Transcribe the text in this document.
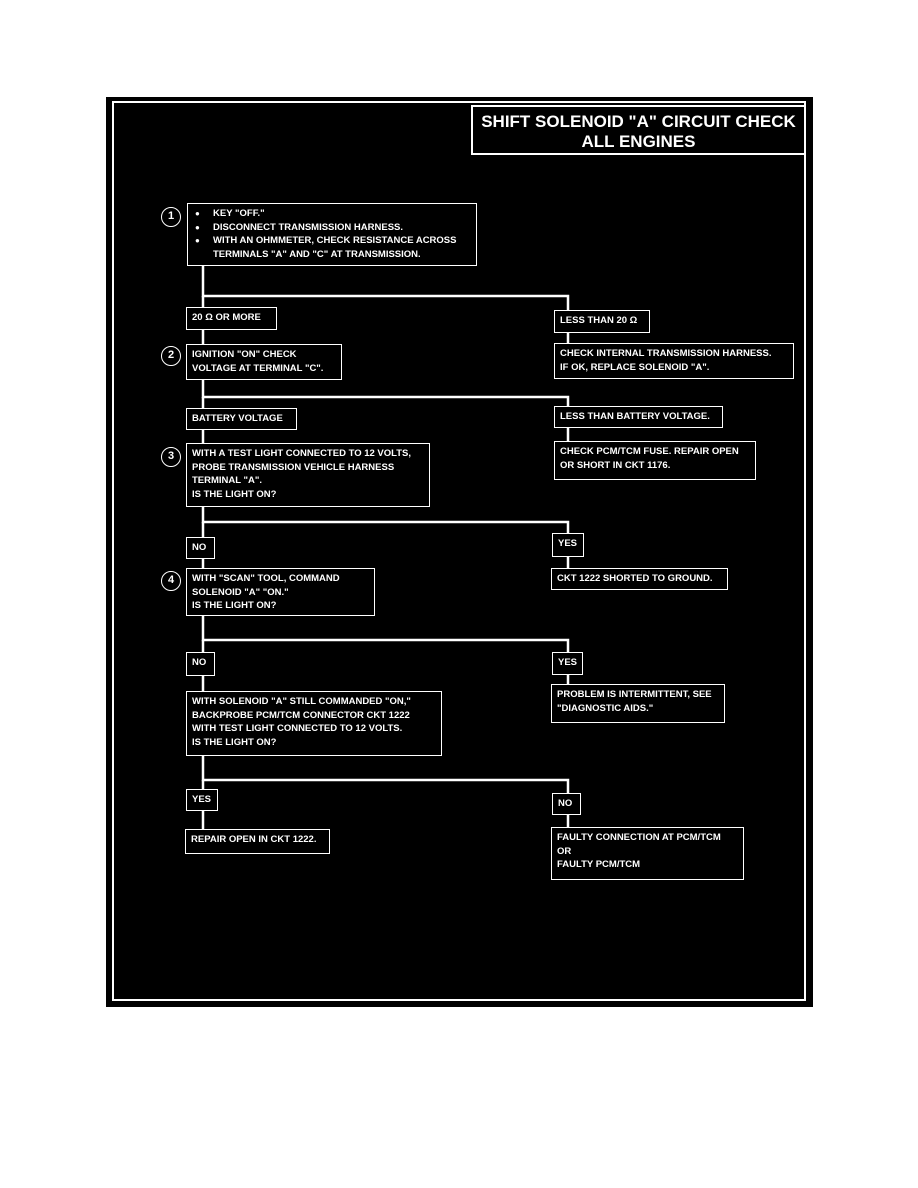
SHIFT SOLENOID "A" CIRCUIT CHECK
ALL ENGINES
1
●	KEY "OFF."
● DISCONNECT TRANSMISSION HARNESS.
● WITH AN OHMMETER, CHECK RESISTANCE ACROSS TERMINALS "A" AND "C" AT TRANSMISSION.
20 Ω OR MORE	LESS THAN 20 Ω
CHECK INTERNAL TRANSMISSION HARNESS.
IF OK, REPLACE SOLENOID "A".
2	IGNITION "ON" CHECK
VOLTAGE AT TERMINAL "C".
BATTERY VOLTAGE	LESS THAN BATTERY VOLTAGE.
CHECK PCM/TCM FUSE. REPAIR OPEN
OR SHORT IN CKT 1176.
3	WITH A TEST LIGHT CONNECTED TO 12 VOLTS,
PROBE TRANSMISSION VEHICLE HARNESS
TERMINAL "A".
IS THE LIGHT ON?
NO	YES
CKT 1222 SHORTED TO GROUND.
4	WITH "SCAN" TOOL, COMMAND
SOLENOID "A" "ON."
IS THE LIGHT ON?
NO	YES
PROBLEM IS INTERMITTENT, SEE
"DIAGNOSTIC AIDS."
WITH SOLENOID "A" STILL COMMANDED "ON,"
BACKPROBE PCM/TCM CONNECTOR CKT 1222
WITH TEST LIGHT CONNECTED TO 12 VOLTS.
IS THE LIGHT ON?
YES	NO
REPAIR OPEN IN CKT 1222.	FAULTY CONNECTION AT PCM/TCM
OR
FAULTY PCM/TCM
